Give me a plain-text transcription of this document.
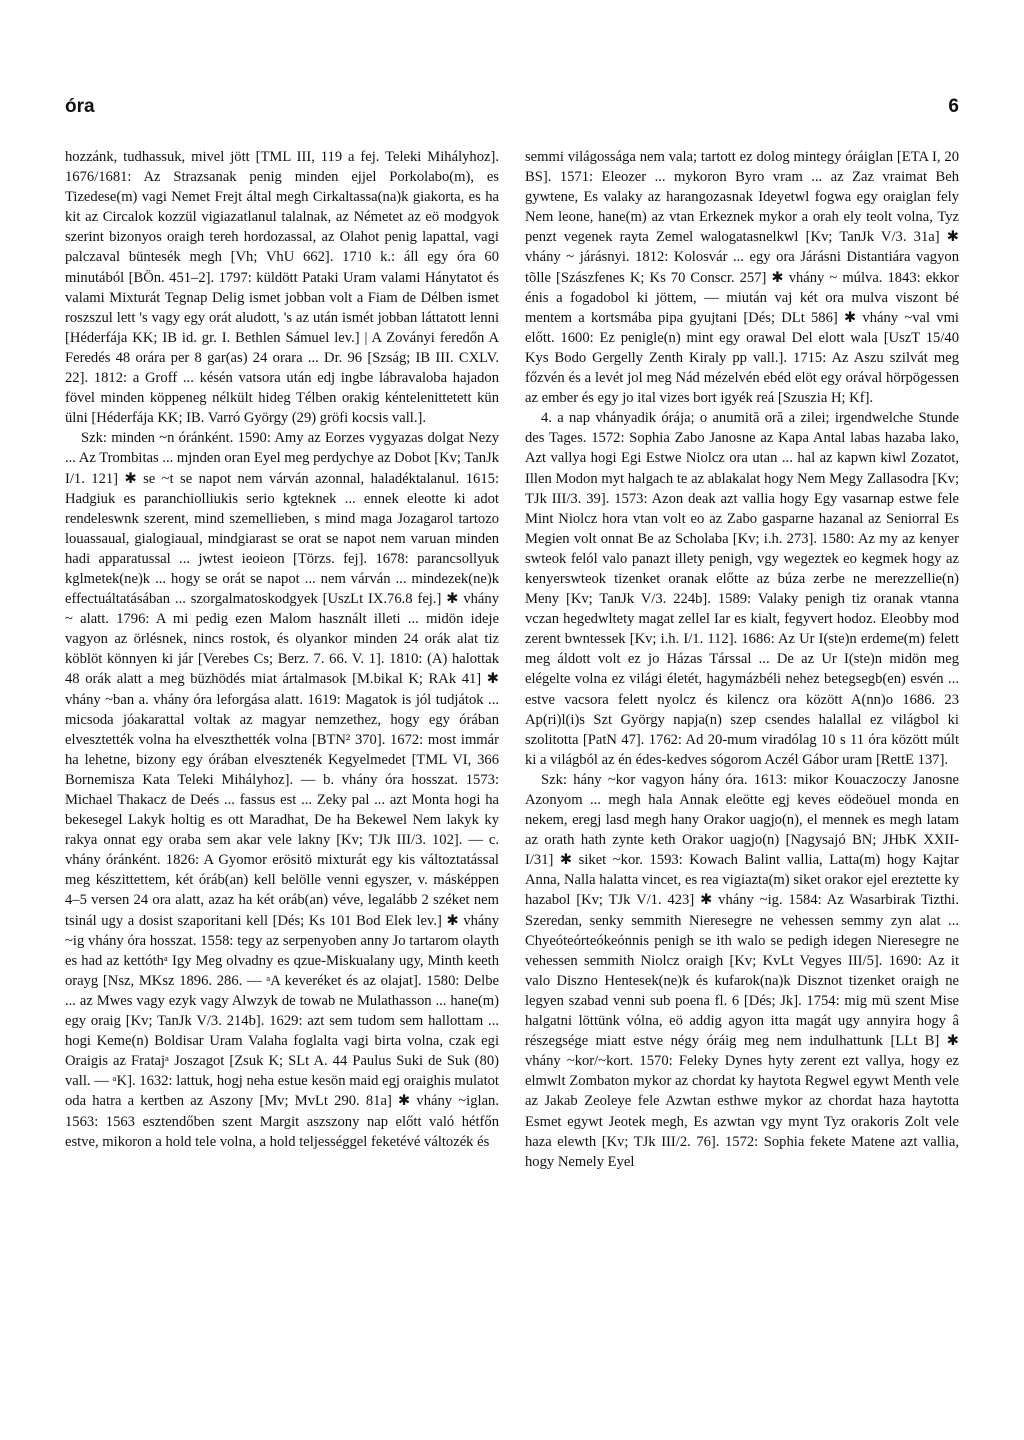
óra	6

hozzánk, tudhassuk, mivel jött [TML III, 119 a fej. Teleki Mihályhoz]. 1676/1681: Az Strazsanak penig minden ejjel Porkolabo(m), es Tizedese(m) vagi Nemet Frejt által megh Cirkaltassa(na)k giakorta, es ha kit az Circalok kozzül vigiazatlanul talalnak, az Németet az eö modgyok szerint bizonyos oraigh tereh hordozassal, az Olahot penig lapattal, vagi palczaval büntesék megh [Vh; VhU 662]. 1710 k.: áll egy óra 60 minutából [BÖn. 451–2]. 1797: küldött Pataki Uram valami Hánytatot és valami Mixturát Tegnap Delig ismet jobban volt a Fiam de Délben ismet roszszul lett 's vagy egy orát aludott, 's az után ismét jobban láttatott lenni [Héderfája KK; IB id. gr. I. Bethlen Sámuel lev.] | A Zoványi feredőn A Feredés 48 orára per 8 gar(as) 24 orara ... Dr. 96 [Szság; IB III. CXLV. 22]. 1812: a Groff ... késén vatsora után edj ingbe lábravaloba hajadon fövel minden köppeneg nélkült hideg Télben orakig kéntelenittetett kün ülni [Héderfája KK; IB. Varró György (29) gröfi kocsis vall.].

Szk: minden ~n óránként. 1590: Amy az Eorzes vygyazas dolgat Nezy ... Az Trombitas ... mjnden oran Eyel meg perdychye az Dobot [Kv; TanJk I/1. 121] ✱ se ~t se napot nem várván azonnal, haladéktalanul. 1615: Hadgiuk es paranchiolliukis serio kgteknek ... ennek eleotte ki adot rendeleswnk szerent, mind szemellieben, s mind maga Jozagarol tartozo louassaual, gialogiaual, mindgiarast se orat se napot nem varuan minden hadi apparatussal ... jwtest ieoieon [Törzs. fej]. 1678: parancsollyuk kglmetek(ne)k ... hogy se orát se napot ... nem várván ... mindezek(ne)k effectuáltatásában ... szorgalmatoskodgyek [UszLt IX.76.8 fej.] ✱ vhány ~ alatt. 1796: A mi pedig ezen Malom használt illeti ... midön ideje vagyon az örlésnek, nincs rostok, és olyankor minden 24 orák alat tiz köblöt könnyen ki jár [Verebes Cs; Berz. 7. 66. V. 1]. 1810: (A) halottak 48 orák alatt a meg büzhödés miat ártalmasok [M.bikal K; RAk 41] ✱ vhány ~ban a. vhány óra leforgása alatt. 1619: Magatok is jól tudjátok ... micsoda jóakarattal voltak az magyar nemzethez, hogy egy órában elvesztették volna ha elveszthették volna [BTN² 370]. 1672: most immár ha lehetne, bizony egy órában elvesztenék Kegyelmedet [TML VI, 366 Bornemisza Kata Teleki Mihályhoz]. — b. vhány óra hosszat. 1573: Michael Thakacz de Deés ... fassus est ... Zeky pal ... azt Monta hogi ha bekesegel Lakyk holtig es ott Maradhat, De ha Bekewel Nem lakyk ky rakya onnat egy oraba sem akar vele lakny [Kv; TJk III/3. 102]. — c. vhány óránként. 1826: A Gyomor erösitö mixturát egy kis változtatással meg készittettem, két óráb(an) kell belölle venni egyszer, v. másképpen 4–5 versen 24 ora alatt, azaz ha két oráb(an) véve, legalább 2 széket nem tsinál ugy a dosist szaporitani kell [Dés; Ks 101 Bod Elek lev.] ✱ vhány ~ig vhány óra hosszat. 1558: tegy az serpenyoben anny Jo tartarom olayth es had az kettóthᵃ Igy Meg olvadny es qzue-Miskualany ugy, Minth keeth orayg [Nsz, MKsz 1896. 286. — ᵃA keveréket és az olajat]. 1580: Delbe ... az Mwes vagy ezyk vagy Alwzyk de towab ne Mulathasson ... hane(m) egy oraig [Kv; TanJk V/3. 214b]. 1629: azt sem tudom sem hallottam ... hogi Keme(n) Boldisar Uram Valaha foglalta vagi birta volna, czak egi Oraigis az Fratajᵃ Joszagot [Zsuk K; SLt A. 44 Paulus Suki de Suk (80) vall. — ᵃK]. 1632: lattuk, hogj neha estue kesön maid egj oraighis mulatot oda hatra a kertben az Aszony [Mv; MvLt 290. 81a] ✱ vhány ~iglan. 1563: 1563 esztendőben szent Margit aszszony nap előtt való hétfőn estve, mikoron a hold tele volna, a hold teljességgel feketévé változék és

semmi világossága nem vala; tartott ez dolog mintegy óráiglan [ETA I, 20 BS]. 1571: Eleozer ... mykoron Byro vram ... az Zaz vraimat Beh gywtene, Es valaky az harangozasnak Ideyetwl fogwa egy oraiglan fely Nem leone, hane(m) az vtan Erkeznek mykor a orah ely teolt volna, Tyz penzt vegenek rayta Zemel walogatasnelkwl [Kv; TanJk V/3. 31a] ✱ vhány ~ járásnyi. 1812: Kolosvár ... egy ora Járásni Distantiára vagyon tõlle [Szászfenes K; Ks 70 Conscr. 257] ✱ vhány ~ múlva. 1843: ekkor énis a fogadobol ki jöttem, — miután vaj két ora mulva viszont bé mentem a kortsmába pipa gyujtani [Dés; DLt 586] ✱ vhány ~val vmi előtt. 1600: Ez penigle(n) mint egy orawal Del elott wala [UszT 15/40 Kys Bodo Gergelly Zenth Kiraly pp vall.]. 1715: Az Aszu szilvát meg főzvén és a levét jol meg Nád mézelvén ebéd elöt egy orával hörpögessen az ember és egy jo ital vizes bort igyék reá [Szuszia H; Kf].

4. a nap vhányadik órája; o anumită oră a zilei; irgendwelche Stunde des Tages. 1572: Sophia Zabo Janosne az Kapa Antal labas hazaba lako, Azt vallya hogi Egi Estwe Niolcz ora utan ... hal az kapwn kiwl Zozatot, Illen Modon myt halgach te az ablakalat hogy Nem Megy Zallasodra [Kv; TJk III/3. 39]. 1573: Azon deak azt vallia hogy Egy vasarnap estwe fele Mint Niolcz hora vtan volt eo az Zabo gasparne hazanal az Seniorral Es Megien volt onnat Be az Scholaba [Kv; i.h. 273]. 1580: Az my az kenyer swteok felól valo panazt illety penigh, vgy wegeztek eo kegmek hogy az kenyerswteok tizenket oranak előtte az búza zerbe ne merezzellie(n) Meny [Kv; TanJk V/3. 224b]. 1589: Valaky penigh tiz oranak vtanna vczan hegedwltety magat zellel Iar es kialt, fegyvert hodoz. Eleobby mod zerent bwntessek [Kv; i.h. I/1. 112]. 1686: Az Ur I(ste)n erdeme(m) felett meg áldott volt ez jo Házas Társsal ... De az Ur I(ste)n midön meg elégelte volna ez világi életét, hagymázbéli nehez betegsegb(en) esvén ... estve vacsora felett nyolcz és kilencz ora között A(nn)o 1686. 23 Ap(ri)l(i)s Szt György napja(n) szep csendes halallal ez világbol ki szolitotta [PatN 47]. 1762: Ad 20-mum viradólag 10 s 11 óra között múlt ki a világból az én édes-kedves sógorom Aczél Gábor uram [RettE 137].

Szk: hány ~kor vagyon hány óra. 1613: mikor Kouaczoczy Janosne Azonyom ... megh hala Annak eleötte egj keves eödeöuel monda en nekem, eregj lasd megh hany Orakor uagjo(n), el mennek es megh latam az orath hath zynte keth Orakor uagjo(n) [Nagysajó BN; JHbK XXII-I/31] ✱ siket ~kor. 1593: Kowach Balint vallia, Latta(m) hogy Kajtar Anna, Nalla halatta vincet, es rea vigiazta(m) siket orakor ejel ereztette ky hazabol [Kv; TJk V/1. 423] ✱ vhány ~ig. 1584: Az Wasarbirak Tizthi. Szeredan, senky semmith Nieresegre ne vehessen semmy zyn alat ... Chyeóteórteókeónnis penigh se ith walo se pedigh idegen Nieresegre ne vehessen semmith Niolcz oraigh [Kv; KvLt Vegyes III/5]. 1690: Az it valo Diszno Hentesek(ne)k és kufarok(na)k Disznot tizenket oraigh ne legyen szabad venni sub poena fl. 6 [Dés; Jk]. 1754: mig mü szent Mise halgatni löttünk vólna, eö addig agyon itta magát ugy annyira hogy â részegsége miatt estve négy óráig meg nem indulhattunk [LLt B] ✱ vhány ~kor/~kort. 1570: Feleky Dynes hyty zerent ezt vallya, hogy ez elmwlt Zombaton mykor az chordat ky haytota Regwel egywt Menth vele az Jakab Zeoleye fele Azwtan esthwe mykor az chordat haza haytotta Esmet egywt Jeotek megh, Es azwtan vgy mynt Tyz orakoris Zolt vele haza elewth [Kv; TJk III/2. 76]. 1572: Sophia fekete Matene azt vallia, hogy Nemely Eyel
